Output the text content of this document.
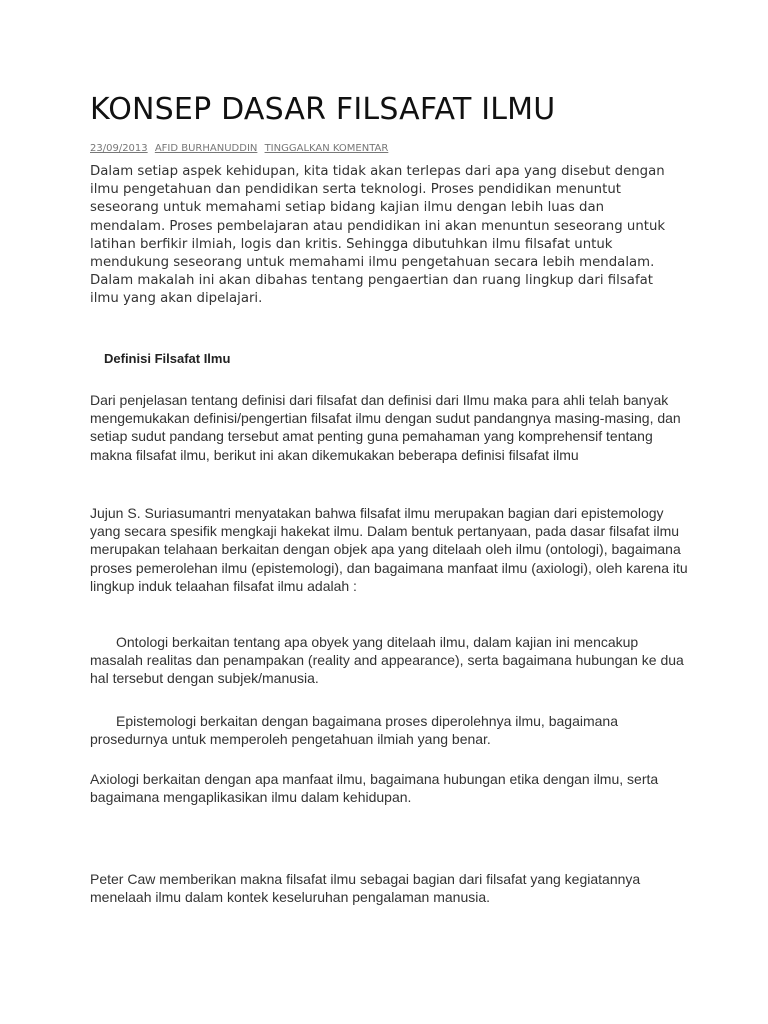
KONSEP DASAR FILSAFAT ILMU
23/09/2013 AFID BURHANUDDIN TINGGALKAN KOMENTAR

Dalam setiap aspek kehidupan, kita tidak akan terlepas dari apa yang disebut dengan ilmu pengetahuan dan pendidikan serta teknologi. Proses pendidikan menuntut seseorang untuk memahami setiap bidang kajian ilmu dengan lebih luas dan mendalam. Proses pembelajaran atau pendidikan ini akan menuntun seseorang untuk latihan berfikir ilmiah, logis dan kritis. Sehingga dibutuhkan ilmu filsafat untuk mendukung seseorang untuk memahami ilmu pengetahuan secara lebih mendalam. Dalam makalah ini akan dibahas tentang pengaertian dan ruang lingkup dari filsafat ilmu yang akan dipelajari.

Definisi Filsafat Ilmu

Dari penjelasan tentang definisi dari filsafat dan definisi dari Ilmu maka para ahli telah banyak mengemukakan definisi/pengertian filsafat ilmu dengan sudut pandangnya masing-masing, dan setiap sudut pandang tersebut amat penting guna pemahaman yang komprehensif tentang makna filsafat ilmu, berikut ini akan dikemukakan beberapa definisi filsafat ilmu

Jujun S. Suriasumantri menyatakan bahwa filsafat ilmu merupakan bagian dari epistemology yang secara spesifik mengkaji hakekat ilmu. Dalam bentuk pertanyaan, pada dasar filsafat ilmu merupakan telahaan berkaitan dengan objek apa yang ditelaah oleh ilmu (ontologi), bagaimana proses pemerolehan ilmu (epistemologi), dan bagaimana manfaat ilmu (axiologi), oleh karena itu lingkup induk telaahan filsafat ilmu adalah :

Ontologi berkaitan tentang apa obyek yang ditelaah ilmu, dalam kajian ini mencakup masalah realitas dan penampakan (reality and appearance), serta bagaimana hubungan ke dua hal tersebut dengan subjek/manusia.

Epistemologi berkaitan dengan bagaimana proses diperolehnya ilmu, bagaimana prosedurnya untuk memperoleh pengetahuan ilmiah yang benar.

Axiologi berkaitan dengan apa manfaat ilmu, bagaimana hubungan etika dengan ilmu, serta bagaimana mengaplikasikan ilmu dalam kehidupan.

Peter Caw memberikan makna filsafat ilmu sebagai bagian dari filsafat yang kegiatannya menelaah ilmu dalam kontek keseluruhan pengalaman manusia.
